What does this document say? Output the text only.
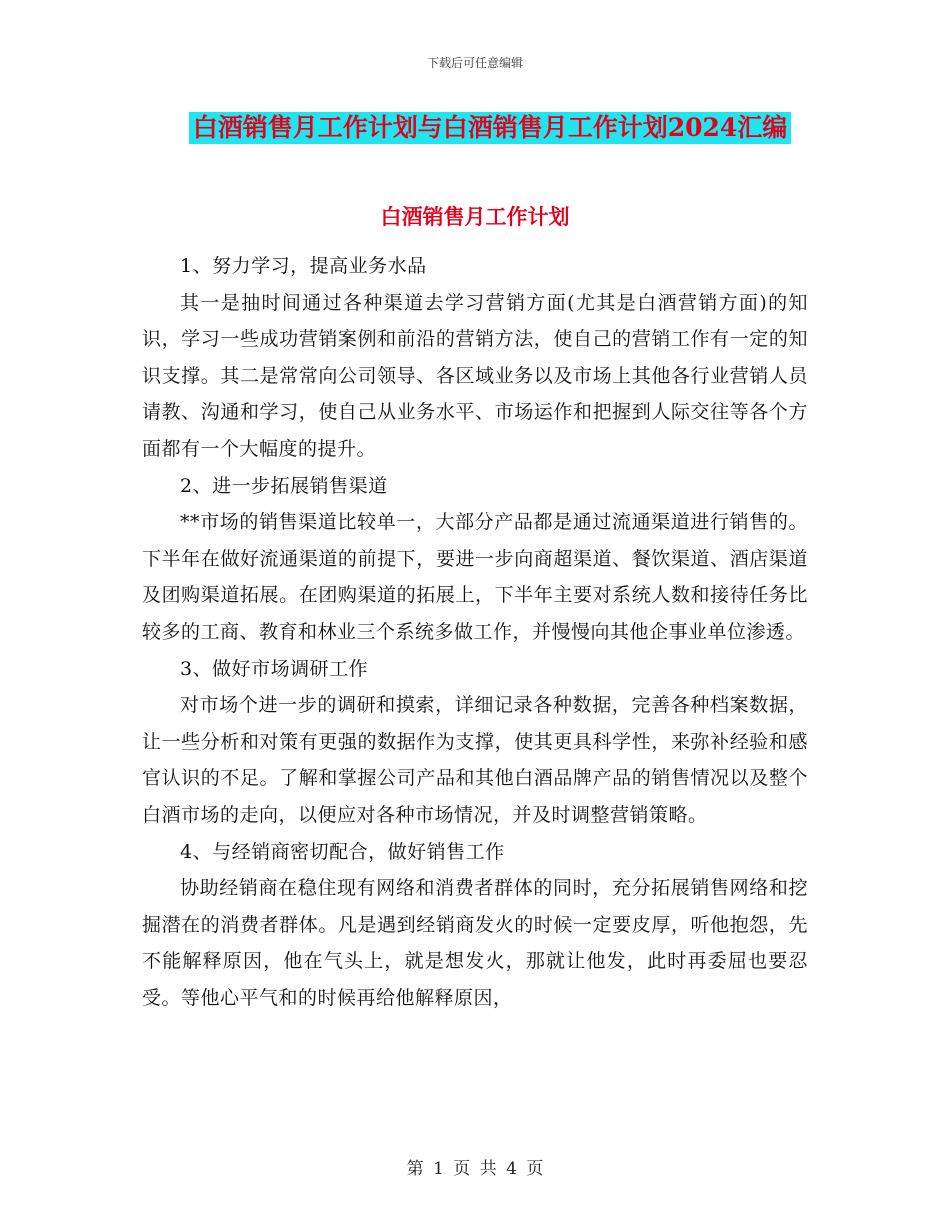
下载后可任意编辑
白酒销售月工作计划与白酒销售月工作计划2024汇编
白酒销售月工作计划

1、努力学习，提高业务水品

其一是抽时间通过各种渠道去学习营销方面(尤其是白酒营销方面)的知识，学习一些成功营销案例和前沿的营销方法，使自己的营销工作有一定的知识支撑。其二是常常向公司领导、各区域业务以及市场上其他各行业营销人员请教、沟通和学习，使自己从业务水平、市场运作和把握到人际交往等各个方面都有一个大幅度的提升。

2、进一步拓展销售渠道

**市场的销售渠道比较单一，大部分产品都是通过流通渠道进行销售的。下半年在做好流通渠道的前提下，要进一步向商超渠道、餐饮渠道、酒店渠道及团购渠道拓展。在团购渠道的拓展上，下半年主要对系统人数和接待任务比较多的工商、教育和林业三个系统多做工作，并慢慢向其他企事业单位渗透。

3、做好市场调研工作

对市场个进一步的调研和摸索，详细记录各种数据，完善各种档案数据，让一些分析和对策有更强的数据作为支撑，使其更具科学性，来弥补经验和感官认识的不足。了解和掌握公司产品和其他白酒品牌产品的销售情况以及整个白酒市场的走向，以便应对各种市场情况，并及时调整营销策略。

4、与经销商密切配合，做好销售工作

协助经销商在稳住现有网络和消费者群体的同时，充分拓展销售网络和挖掘潜在的消费者群体。凡是遇到经销商发火的时候一定要皮厚，听他抱怨，先不能解释原因，他在气头上，就是想发火，那就让他发，此时再委屈也要忍受。等他心平气和的时候再给他解释原因，

第 1 页 共 4 页
